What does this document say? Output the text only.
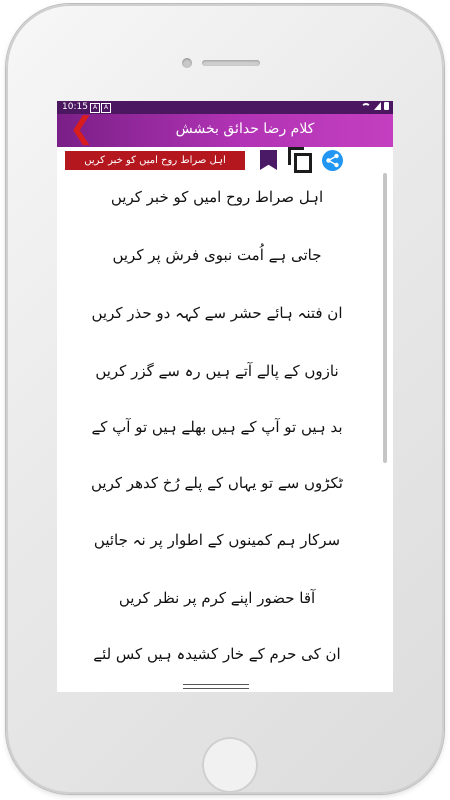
10:15 A	A
❮	کلام رضا حدائق بخشش
اہل صراط روح امیں کو خبر کریں
اہل صراط روح امیں کو خبر کریں
جاتی ہے اُمت نبوی فرش پر کریں
ان فتنہ ہائے حشر سے کہہ دو حذر کریں
نازوں کے پالے آتے ہیں رہ سے گزر کریں
بد ہیں تو آپ کے ہیں بھلے ہیں تو آپ کے
ٹکڑوں سے تو یہاں کے پلے رُخ کدھر کریں
سرکار ہم کمینوں کے اطوار پر نہ جائیں
آقا حضور اپنے کرم پر نظر کریں
ان کی حرم کے خار کشیدہ ہیں کس لئے
